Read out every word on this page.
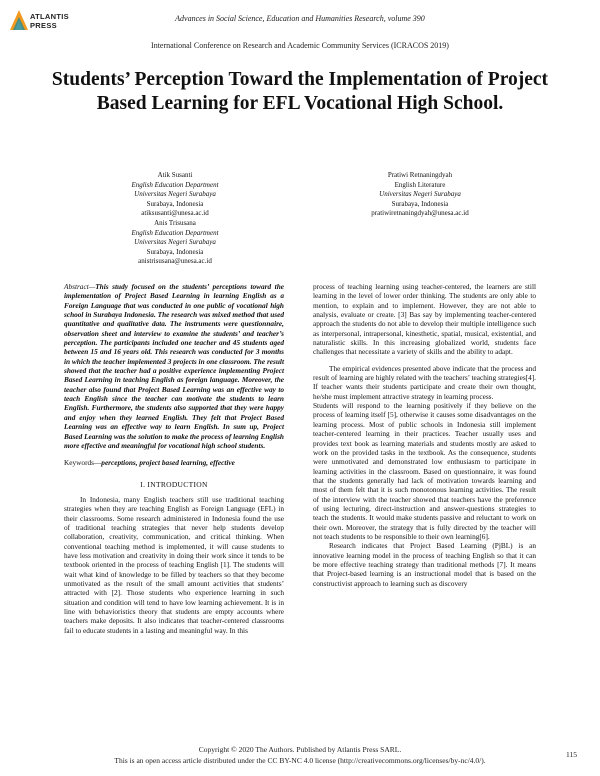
ATLANTIS
PRESS
Advances in Social Science, Education and Humanities Research, volume 390
International Conference on Research and Academic Community Services (ICRACOS 2019)
Students’ Perception Toward the Implementation of Project Based Learning for EFL Vocational High School.
Atik Susanti
English Education Department
Universitas Negeri Surabaya
Surabaya, Indonesia
atiksusanti@unesa.ac.id
Pratiwi Retnaningdyah
English Literature
Universitas Negeri Surabaya
Surabaya, Indonesia
pratiwiretnaningdyah@unesa.ac.id
Anis Trisusana
English Education Department
Universitas Negeri Surabaya
Surabaya, Indonesia
anistrisusana@unesa.ac.id

Abstract—This study focused on the students’ perceptions toward the implementation of Project Based Learning in learning English as a Foreign Language that was conducted in one public of vocational high school in Surabaya Indonesia. The research was mixed method that used quantitative and qualitative data. The instruments were questionnaire, observation sheet and interview to examine the students’ and teacher’s perception. The participants included one teacher and 45 students aged between 15 and 16 years old. This research was conducted for 3 months in which the teacher implemented 3 projects in one classroom. The result showed that the teacher had a positive experience implementing Project Based Learning in teaching English as foreign language. Moreover, the teacher also found that Project Based Learning was an effective way to teach English since the teacher can motivate the students to learn English. Furthermore, the students also supported that they were happy and enjoy when they learned English. They felt that Project Based Learning was an effective way to learn English. In sum up, Project Based Learning was the solution to make the process of learning English more effective and meaningful for vocational high school students.

Keywords—perceptions, project based learning, effective

I. INTRODUCTION

In Indonesia, many English teachers still use traditional teaching strategies when they are teaching English as Foreign Language (EFL) in their classrooms. Some research administered in Indonesia found the use of traditional teaching strategies that never help students develop collaboration, creativity, communication, and critical thinking. When conventional teaching method is implemented, it will cause students to have less motivation and creativity in doing their work since it tends to be textbook oriented in the process of teaching English [1]. The students will wait what kind of knowledge to be filled by teachers so that they become unmotivated as the result of the small amount activities that students’ attracted with [2]. Those students who experience learning in such situation and condition will tend to have low learning achievement. It is in line with behavioristics theory that students are empty accounts where teachers make deposits. It also indicates that teacher-centered classrooms fail to educate students in a lasting and meaningful way. In this

process of teaching learning using teacher-centered, the learners are still learning in the level of lower order thinking. The students are only able to mention, to explain and to implement. However, they are not able to analysis, evaluate or create. [3] Bas say by implementing teacher-centered approach the students do not able to develop their multiple intelligence such as interpersonal, intrapersonal, kinesthetic, spatial, musical, existential, and naturalistic skills. In this increasing globalized world, students face challenges that necessitate a variety of skills and the ability to adapt.

The empirical evidences presented above indicate that the process and result of learning are highly related with the teachers’ teaching strategies[4]. If teacher wants their students participate and create their own thought, he/she must implement attractive strategy in learning process.

Students will respond to the learning positively if they believe on the process of learning itself [5], otherwise it causes some disadvantages on the learning process. Most of public schools in Indonesia still implement teacher-centered learning in their practices. Teacher usually uses and provides text book as learning materials and students mostly are asked to work on the provided tasks in the textbook. As the consequence, students were unmotivated and demonstrated low enthusiasm to participate in learning activities in the classroom. Based on questionnaire, it was found that the students generally had lack of motivation towards learning and most of them felt that it is such monotonous learning activities. The result of the interview with the teacher showed that teachers have the preference of using lecturing, direct-instruction and answer-questions strategies to teach the students. It would make students passive and reluctant to work on their own. Moreover, the strategy that is fully directed by the teacher will not teach students to be responsible to their own learning[6].

Research indicates that Project Based Learning (PjBL) is an innovative learning model in the process of teaching English so that it can be more effective teaching strategy than traditional methods [7]. It means that Project-based learning is an instructional model that is based on the constructivist approach to learning such as discovery

Copyright © 2020 The Authors. Published by Atlantis Press SARL.
This is an open access article distributed under the CC BY-NC 4.0 license (http://creativecommons.org/licenses/by-nc/4.0/).
115
